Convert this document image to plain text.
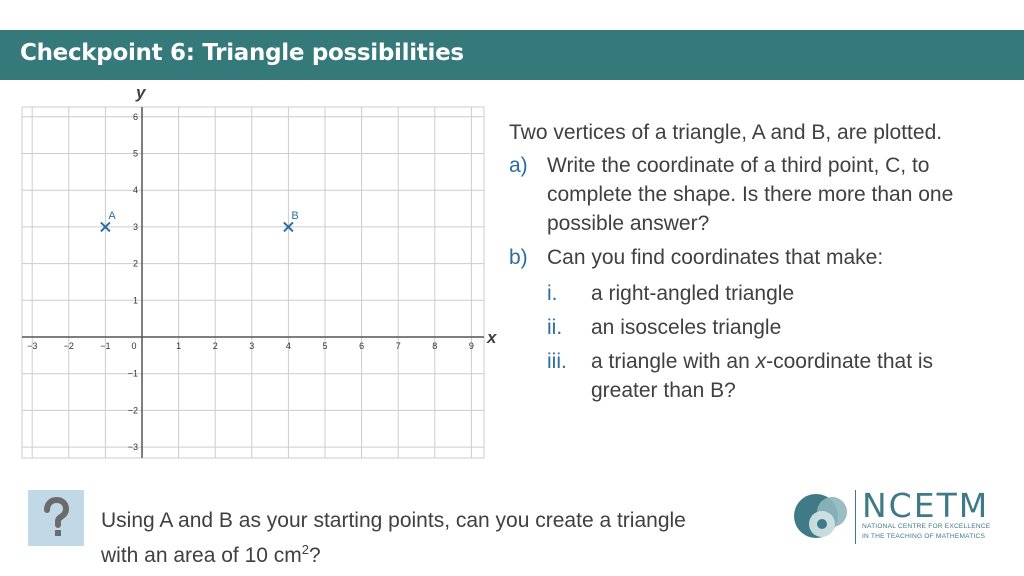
Checkpoint 6: Triangle possibilities
−3	−2	−1 0	1	2	3	4	5	6	7	8	9
6
5
4
3
2
1
−1
−2
−3
A	B
x
y

Two vertices of a triangle, A and B, are plotted.

a) Write the coordinate of a third point, C, to complete the shape. Is there more than one possible answer?
b) Can you find coordinates that make:
i.	a right-angled triangle
ii.	an isosceles triangle
iii.	a triangle with an x-coordinate that is greater than B?
Using A and B as your starting points, can you create a triangle
with an area of 10 $cm^2$?
NCETM
NATIONAL CENTRE FOR EXCELLENCE
IN THE TEACHING OF MATHEMATICS
